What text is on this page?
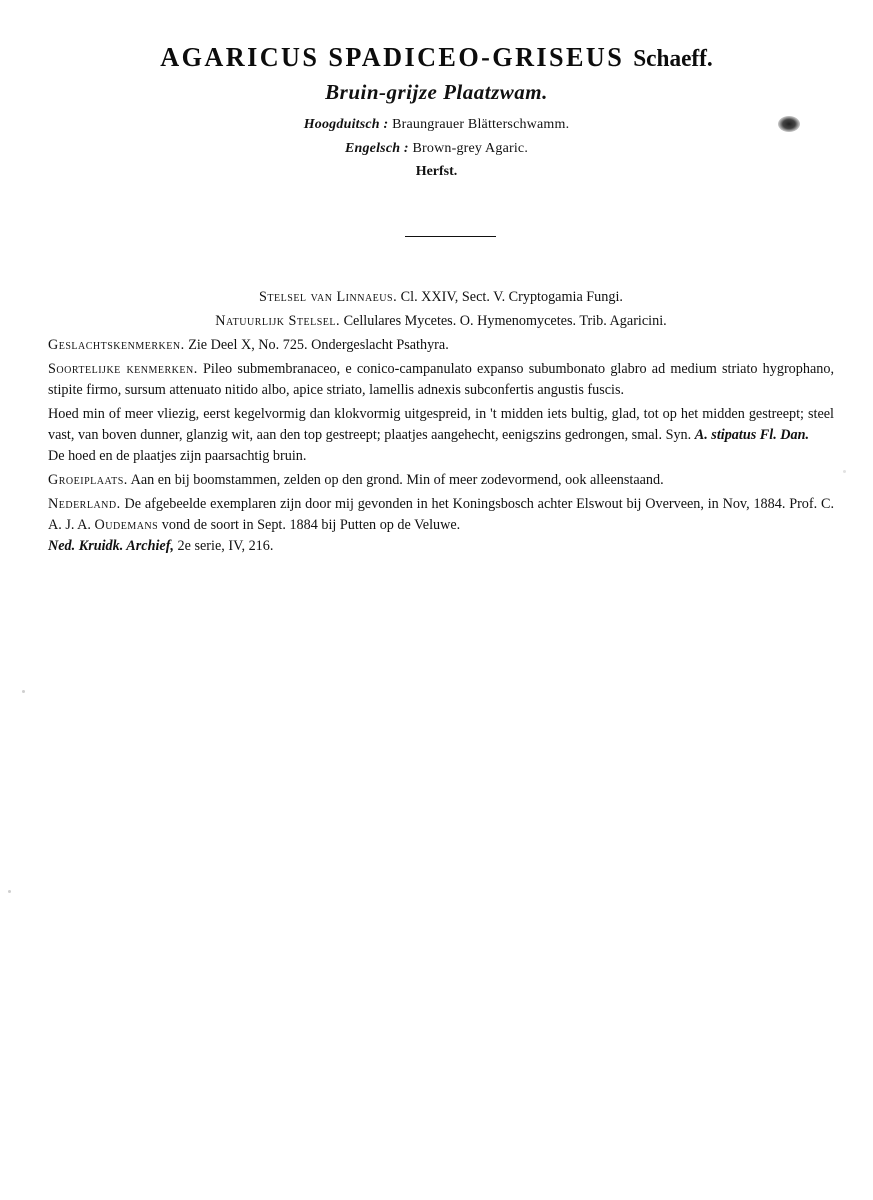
AGARICUS SPADICEO-GRISEUS Schaeff.
Bruin-grijze Plaatzwam.
Hoogduitsch : Braungrauer Blätterschwamm.
Engelsch : Brown-grey Agaric.
Herfst.

Stelsel van Linnaeus. Cl. XXIV, Sect. V. Cryptogamia Fungi.

Natuurlijk Stelsel. Cellulares Mycetes. O. Hymenomycetes. Trib. Agaricini.

Geslachtskenmerken. Zie Deel X, No. 725. Ondergeslacht Psathyra.

Soortelijke kenmerken. Pileo submembranaceo, e conico-campanulato expanso subumbonato glabro ad medium striato hygrophano, stipite firmo, sursum attenuato nitido albo, apice striato, lamellis adnexis subconfertis angustis fuscis.

Hoed min of meer vliezig, eerst kegelvormig dan klokvormig uitgespreid, in 't midden iets bultig, glad, tot op het midden gestreept; steel vast, van boven dunner, glanzig wit, aan den top gestreept; plaatjes aangehecht, eenigszins gedrongen, smal. Syn. A. stipatus Fl. Dan.

De hoed en de plaatjes zijn paarsachtig bruin.

Groeiplaats. Aan en bij boomstammen, zelden op den grond. Min of meer zodevormend, ook alleenstaand.

Nederland. De afgebeelde exemplaren zijn door mij gevonden in het Koningsbosch achter Elswout bij Overveen, in Nov, 1884. Prof. C. A. J. A. Oudemans vond de soort in Sept. 1884 bij Putten op de Veluwe.
Ned. Kruidk. Archief, 2e serie, IV, 216.
